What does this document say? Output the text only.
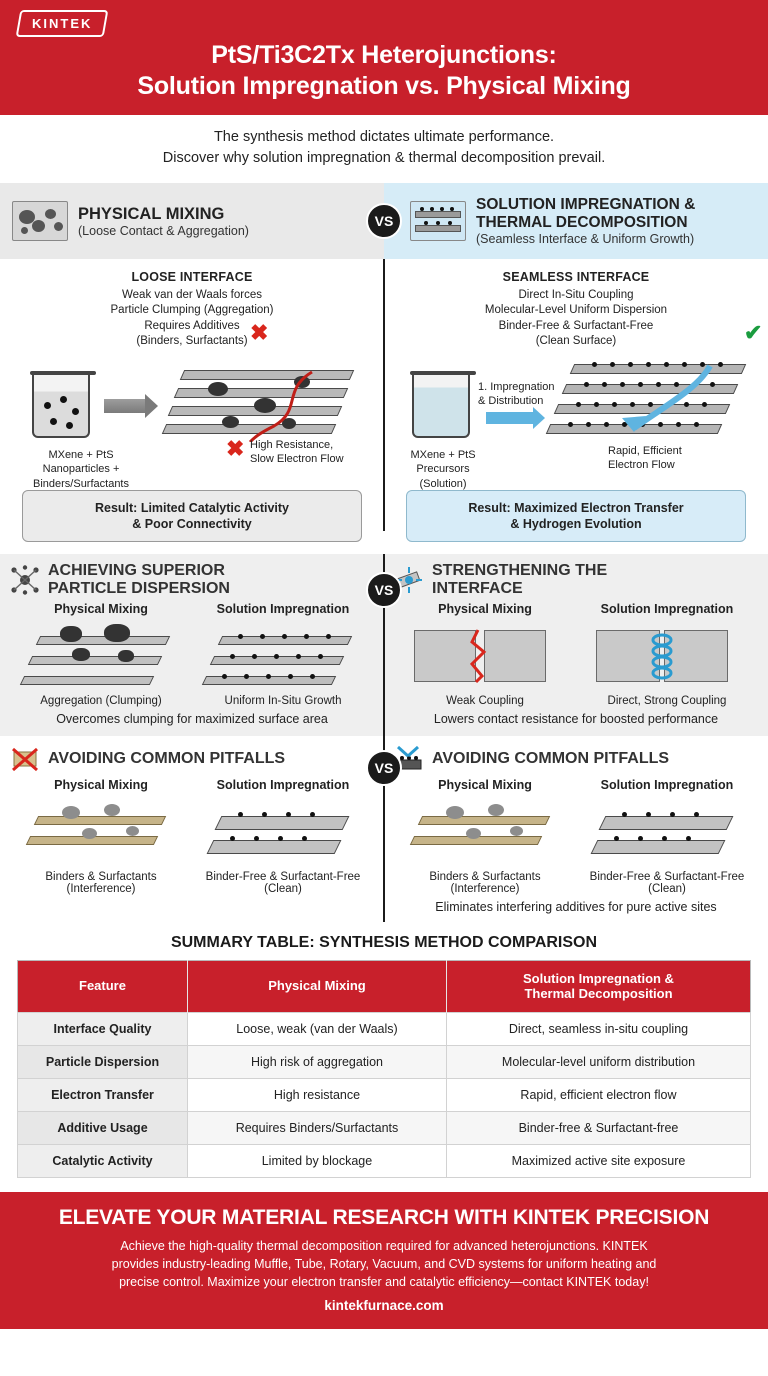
KINTEK
PtS/Ti3C2Tx Heterojunctions:
Solution Impregnation vs. Physical Mixing
The synthesis method dictates ultimate performance.
Discover why solution impregnation & thermal decomposition prevail.
PHYSICAL MIXING
(Loose Contact & Aggregation)
SOLUTION IMPREGNATION &
THERMAL DECOMPOSITION
(Seamless Interface & Uniform Growth)
VS
LOOSE INTERFACE
Weak van der Waals forces
Particle Clumping (Aggregation)
Requires Additives
(Binders, Surfactants) ✖
✖ High Resistance,
Slow Electron Flow
MXene + PtS
Nanoparticles +
Binders/Surfactants
Result: Limited Catalytic Activity
& Poor Connectivity
SEAMLESS INTERFACE
Direct In-Situ Coupling
Molecular-Level Uniform Dispersion
Binder-Free & Surfactant-Free
(Clean Surface)	✔
1. Impregnation
& Distribution
Rapid, Efficient
Electron Flow
MXene + PtS
Precursors
(Solution)
Result: Maximized Electron Transfer
& Hydrogen Evolution
VS
ACHIEVING SUPERIOR
PARTICLE DISPERSION
Physical Mixing
Aggregation (Clumping)
Solution Impregnation
Uniform In-Situ Growth
Overcomes clumping for maximized surface area
STRENGTHENING THE
INTERFACE
Physical Mixing
Weak Coupling
Solution Impregnation
Direct, Strong Coupling
Lowers contact resistance for boosted performance
VS
AVOIDING COMMON PITFALLS
Physical Mixing
Binders & Surfactants
(Interference)
Solution Impregnation
Binder-Free & Surfactant-Free
(Clean)
AVOIDING COMMON PITFALLS
Physical Mixing
Binders & Surfactants
(Interference)
Solution Impregnation
Binder-Free & Surfactant-Free
(Clean)
Eliminates interfering additives for pure active sites
SUMMARY TABLE: SYNTHESIS METHOD COMPARISON
Feature	Physical Mixing	Solution Impregnation &
Thermal Decomposition
Interface Quality	Loose, weak (van der Waals)	Direct, seamless in-situ coupling
Particle Dispersion	High risk of aggregation	Molecular-level uniform distribution
Electron Transfer	High resistance	Rapid, efficient electron flow
Additive Usage	Requires Binders/Surfactants	Binder-free & Surfactant-free
Catalytic Activity	Limited by blockage	Maximized active site exposure
ELEVATE YOUR MATERIAL RESEARCH WITH KINTEK PRECISION

Achieve the high-quality thermal decomposition required for advanced heterojunctions. KINTEK
provides industry-leading Muffle, Tube, Rotary, Vacuum, and CVD systems for uniform heating and
precise control. Maximize your electron transfer and catalytic efficiency—contact KINTEK today!

kintekfurnace.com
